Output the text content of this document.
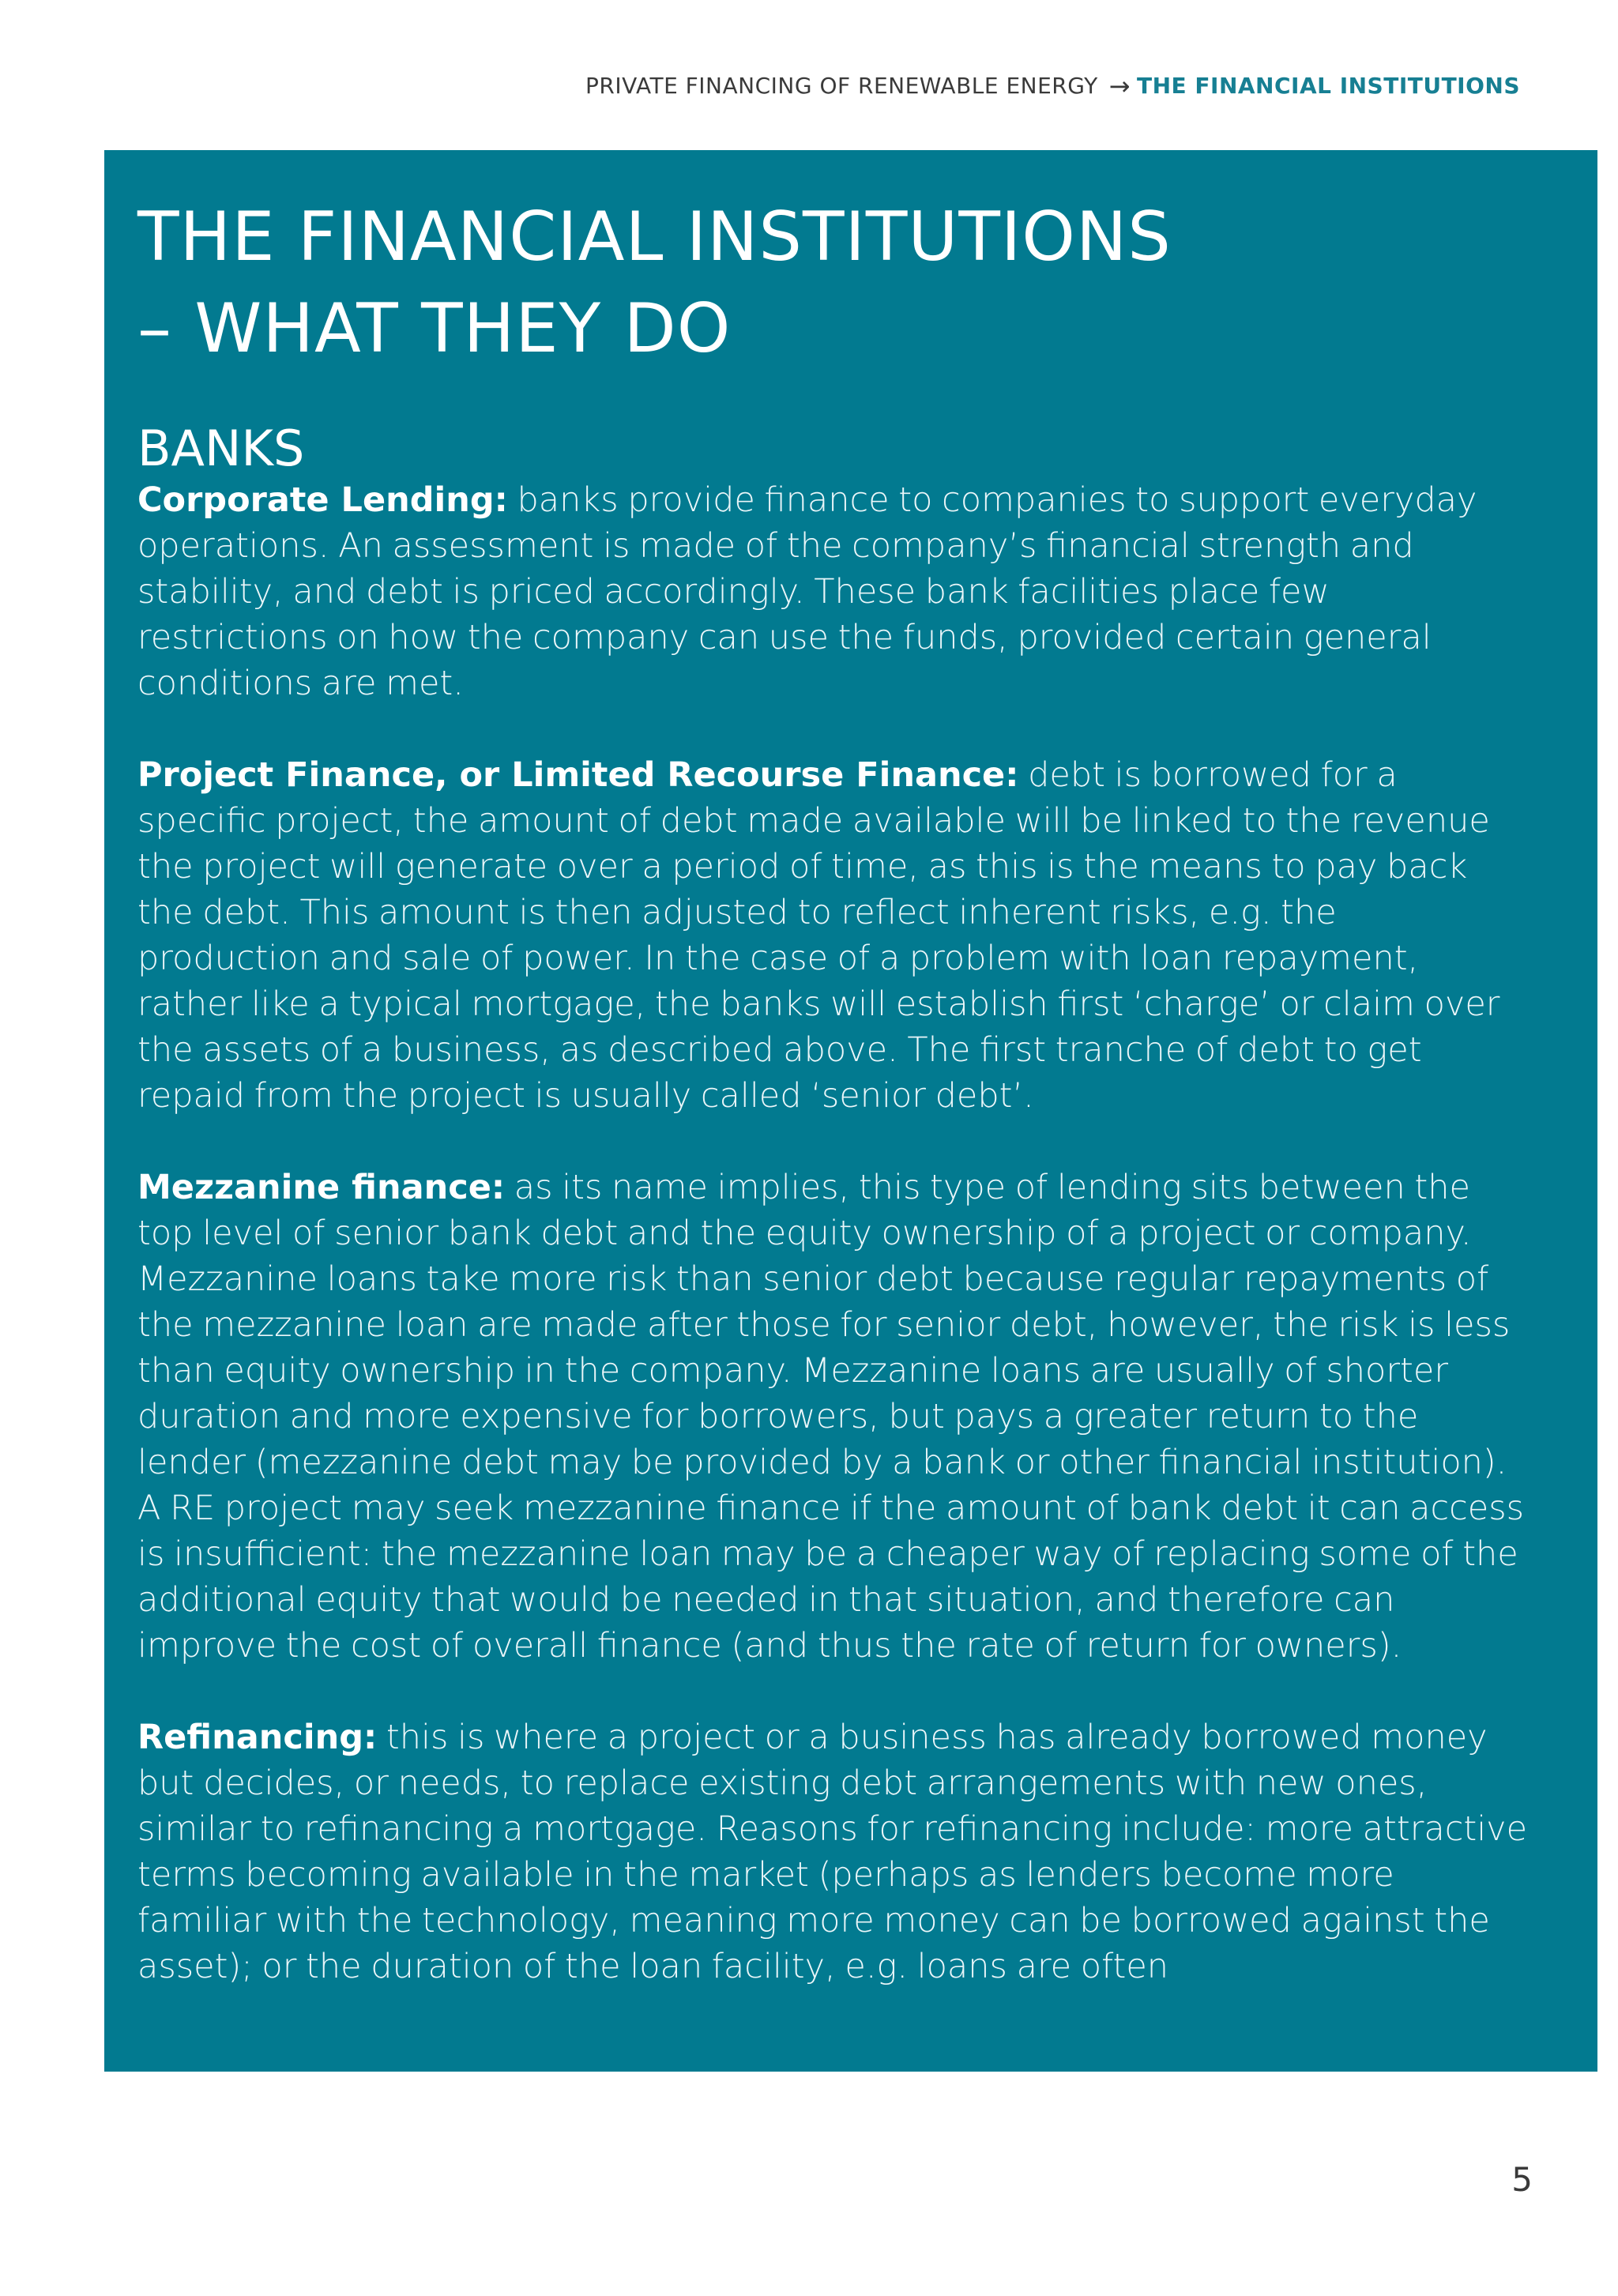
PRIVATE FINANCING OF RENEWABLE ENERGY → THE FINANCIAL INSTITUTIONS
THE FINANCIAL INSTITUTIONS
– WHAT THEY DO
BANKS

Corporate Lending: banks provide finance to companies to support everyday operations. An assessment is made of the company’s financial strength and stability, and debt is priced accordingly. These bank facilities place few restrictions on how the company can use the funds, provided certain general conditions are met.

Project Finance, or Limited Recourse Finance: debt is borrowed for a specific project, the amount of debt made available will be linked to the revenue the project will generate over a period of time, as this is the means to pay back the debt. This amount is then adjusted to reflect inherent risks, e.g. the production and sale of power. In the case of a problem with loan repayment, rather like a typical mortgage, the banks will establish first ‘charge’ or claim over the assets of a business, as described above. The first tranche of debt to get repaid from the project is usually called ‘senior debt’.

Mezzanine finance: as its name implies, this type of lending sits between the top level of senior bank debt and the equity ownership of a project or company. Mezzanine loans take more risk than senior debt because regular repayments of the mezzanine loan are made after those for senior debt, however, the risk is less than equity ownership in the company. Mezzanine loans are usually of shorter duration and more expensive for borrowers, but pays a greater return to the lender (mezzanine debt may be provided by a bank or other financial institution). A RE project may seek mezzanine finance if the amount of bank debt it can access is insufficient: the mezzanine loan may be a cheaper way of replacing some of the additional equity that would be needed in that situation, and therefore can improve the cost of overall finance (and thus the rate of return for owners).

Refinancing: this is where a project or a business has already borrowed money but decides, or needs, to replace existing debt arrangements with new ones, similar to refinancing a mortgage. Reasons for refinancing include: more attractive terms becoming available in the market (perhaps as lenders become more familiar with the technology, meaning more money can be borrowed against the asset); or the duration of the loan facility, e.g. loans are often

5
